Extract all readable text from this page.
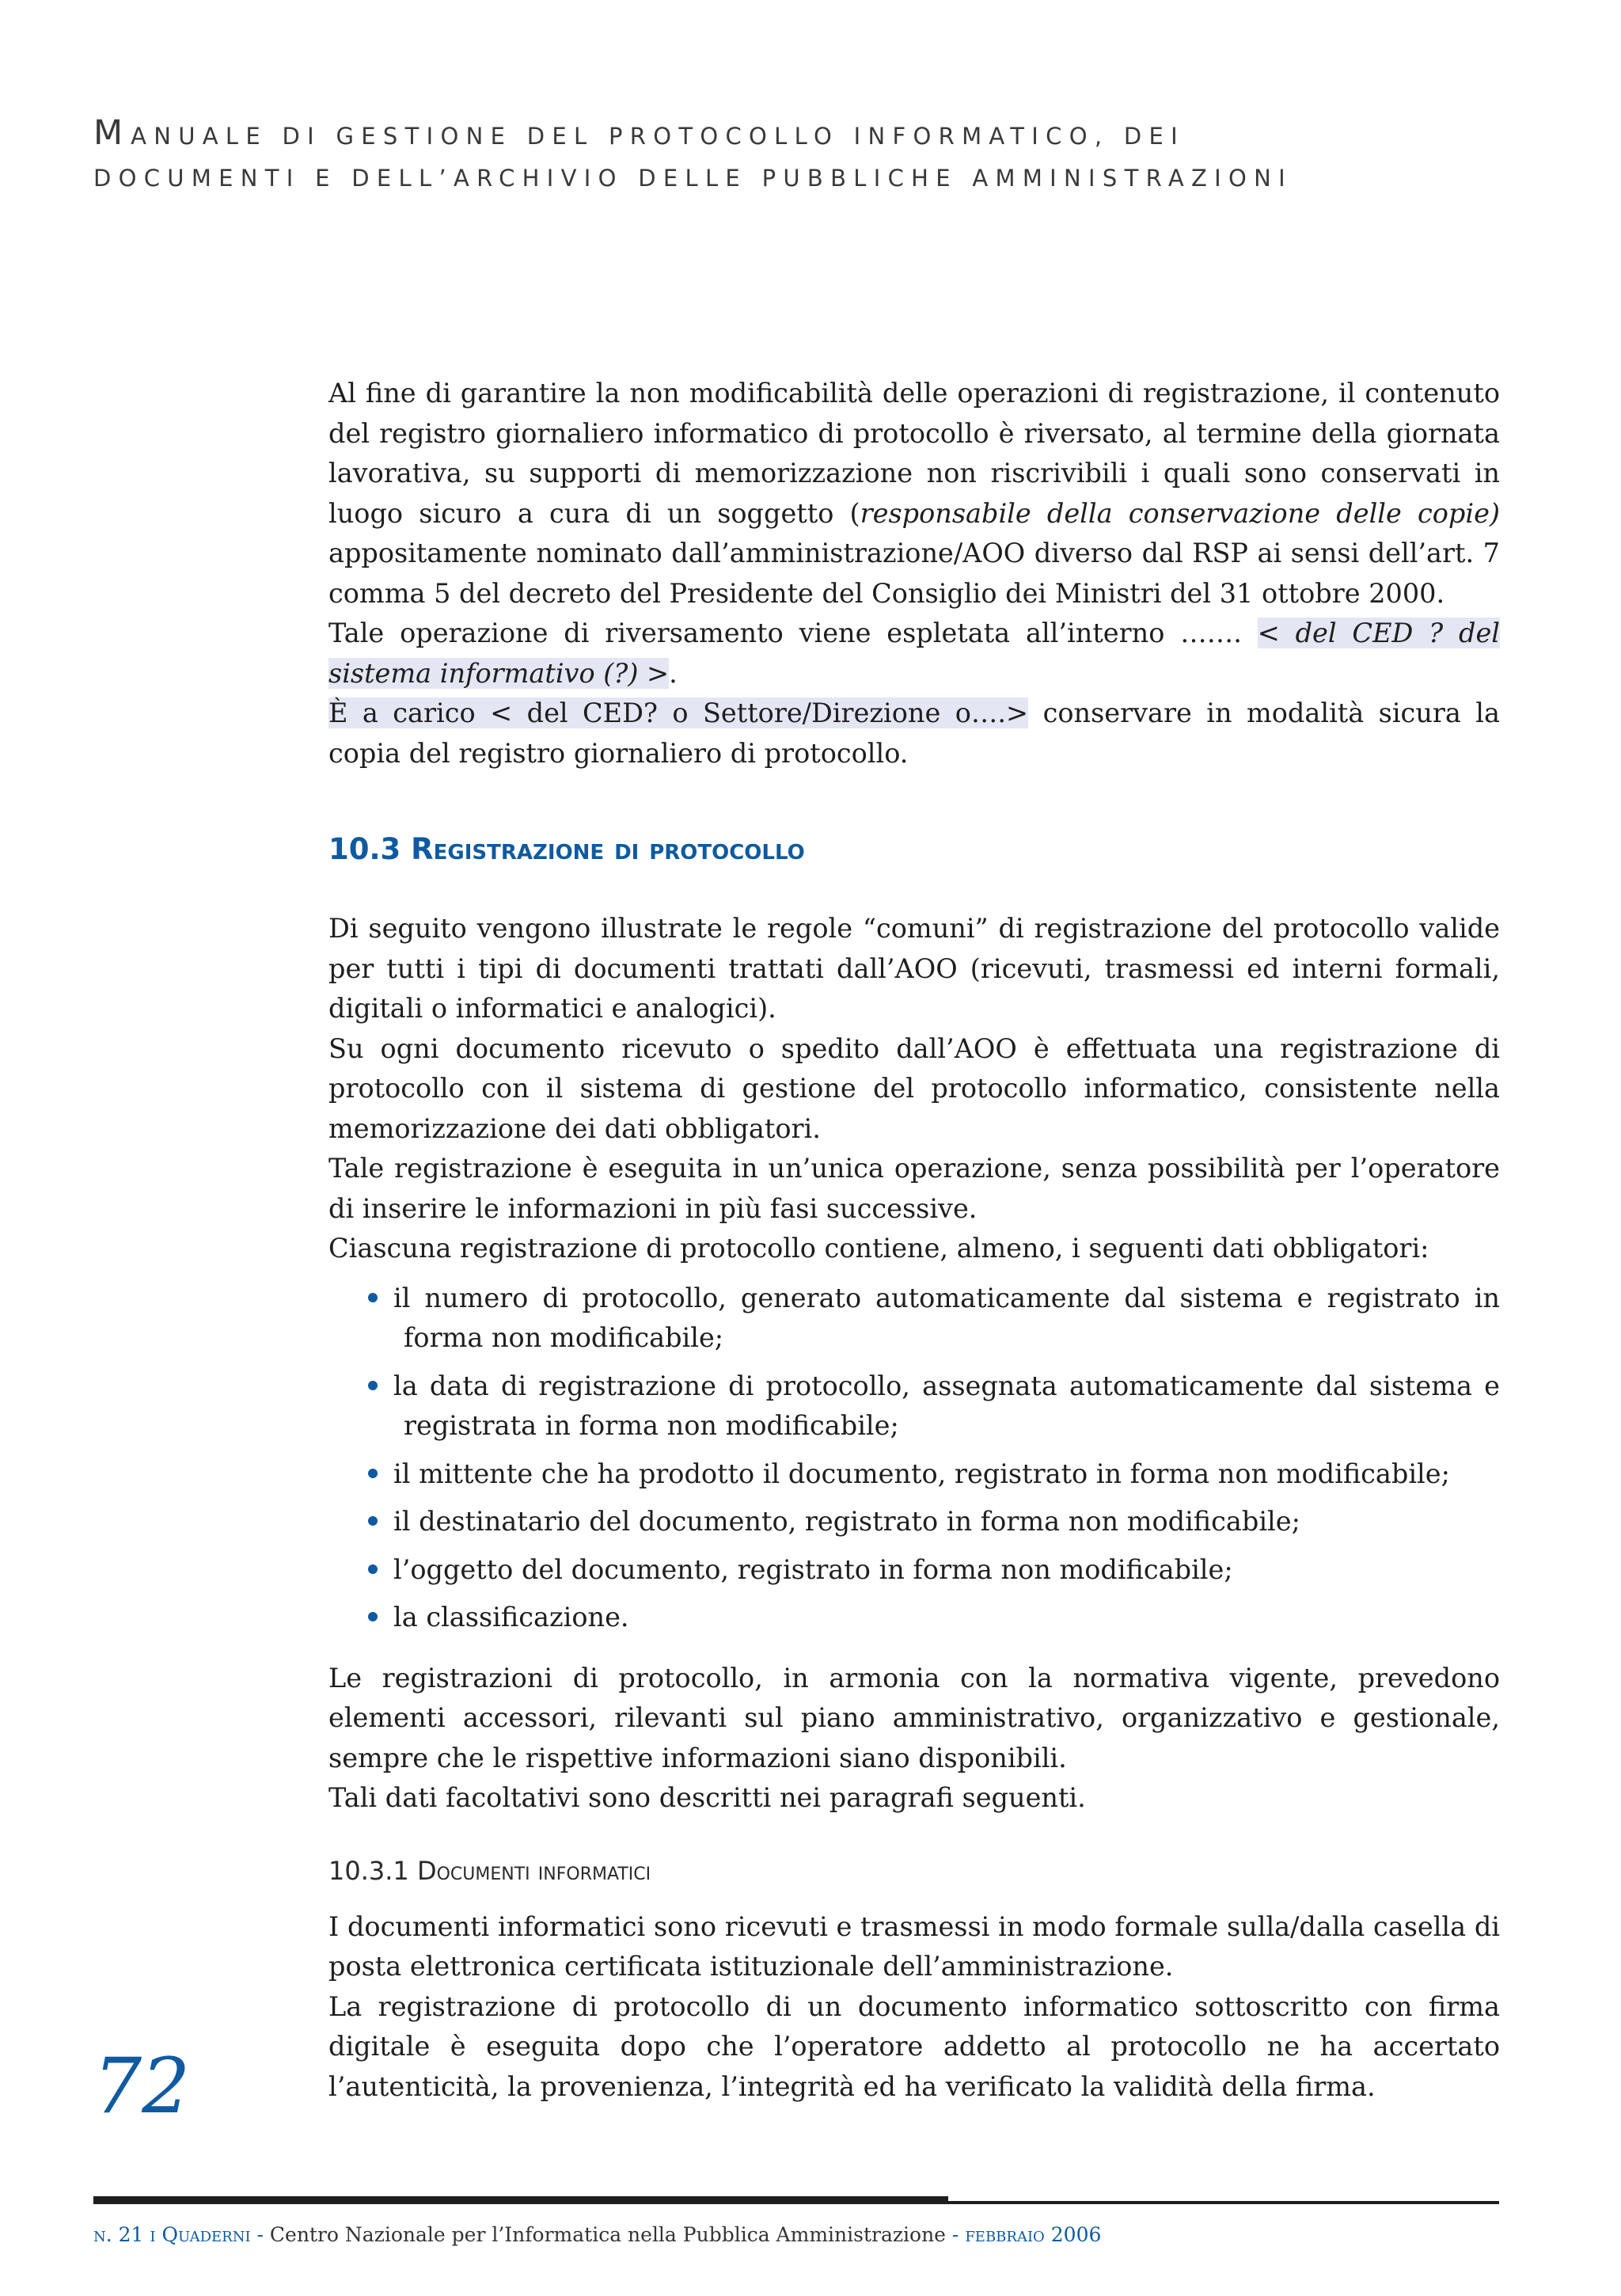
MANUALE DI GESTIONE DEL PROTOCOLLO INFORMATICO, DEI
DOCUMENTI E DELL’ARCHIVIO DELLE PUBBLICHE AMMINISTRAZIONI

Al fine di garantire la non modificabilità delle operazioni di registrazione, il contenuto del registro giornaliero informatico di protocollo è riversato, al termine della giornata lavorativa, su supporti di memorizzazione non riscrivibili i quali sono conservati in luogo sicuro a cura di un soggetto (responsabile della conservazione delle copie) appositamente nominato dall’amministrazione/AOO diverso dal RSP ai sensi dell’art. 7 comma 5 del decreto del Presidente del Consiglio dei Ministri del 31 ottobre 2000.

Tale operazione di riversamento viene espletata all’interno ……. < del CED ? del sistema informativo (?) >.

È a carico < del CED? o Settore/Direzione o….> conservare in modalità sicura la copia del registro giornaliero di protocollo.

10.3 Registrazione di protocollo

Di seguito vengono illustrate le regole “comuni” di registrazione del protocollo valide per tutti i tipi di documenti trattati dall’AOO (ricevuti, trasmessi ed interni formali, digitali o informatici e analogici).

Su ogni documento ricevuto o spedito dall’AOO è effettuata una registrazione di protocollo con il sistema di gestione del protocollo informatico, consistente nella memorizzazione dei dati obbligatori.

Tale registrazione è eseguita in un’unica operazione, senza possibilità per l’operatore di inserire le informazioni in più fasi successive.

Ciascuna registrazione di protocollo contiene, almeno, i seguenti dati obbligatori:

il numero di protocollo, generato automaticamente dal sistema e registrato in forma non modificabile;
la data di registrazione di protocollo, assegnata automaticamente dal sistema e registrata in forma non modificabile;
il mittente che ha prodotto il documento, registrato in forma non modificabile;
il destinatario del documento, registrato in forma non modificabile;
l’oggetto del documento, registrato in forma non modificabile;
la classificazione.

Le registrazioni di protocollo, in armonia con la normativa vigente, prevedono elementi accessori, rilevanti sul piano amministrativo, organizzativo e gestionale, sempre che le rispettive informazioni siano disponibili.

Tali dati facoltativi sono descritti nei paragrafi seguenti.

10.3.1 Documenti informatici

I documenti informatici sono ricevuti e trasmessi in modo formale sulla/dalla casella di posta elettronica certificata istituzionale dell’amministrazione.

La registrazione di protocollo di un documento informatico sottoscritto con firma digitale è eseguita dopo che l’operatore addetto al protocollo ne ha accertato l’autenticità, la provenienza, l’integrità ed ha verificato la validità della firma.

72
n. 21 i Quaderni - Centro Nazionale per l’Informatica nella Pubblica Amministrazione - febbraio 2006
